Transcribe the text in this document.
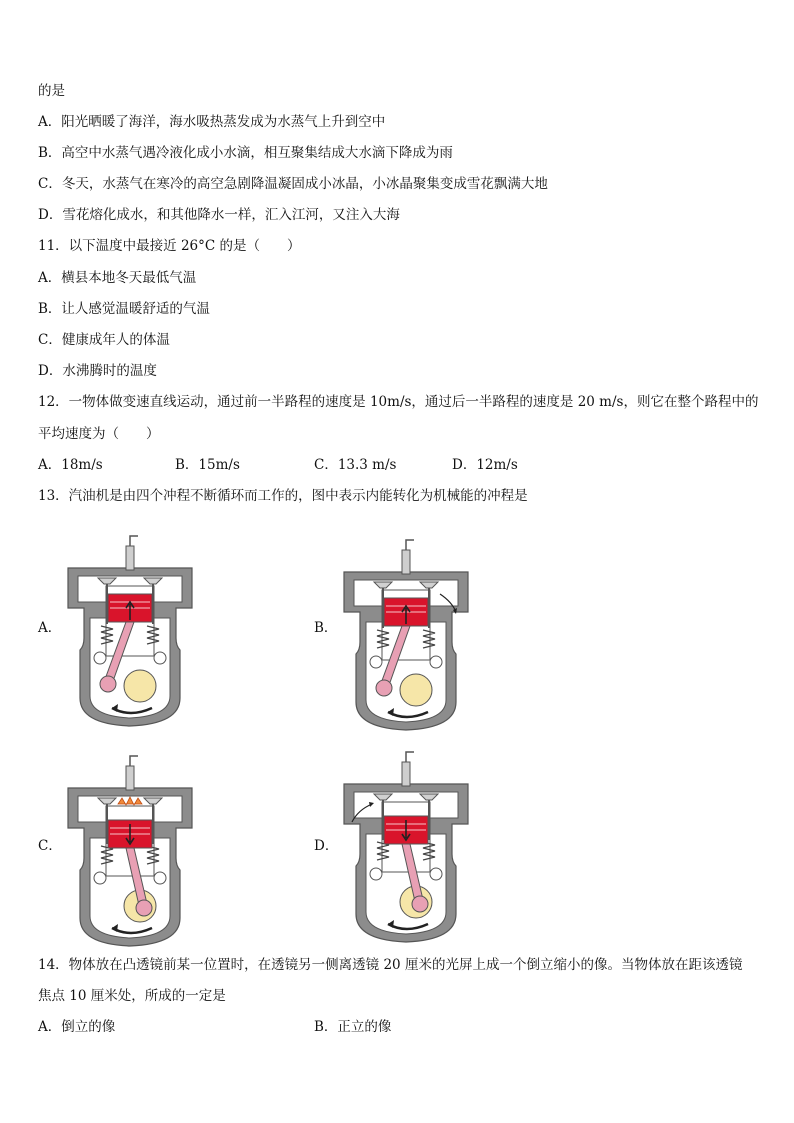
的是
A．阳光晒暖了海洋，海水吸热蒸发成为水蒸气上升到空中
B．高空中水蒸气遇冷液化成小水滴，相互聚集结成大水滴下降成为雨
C．冬天，水蒸气在寒冷的高空急剧降温凝固成小冰晶，小冰晶聚集变成雪花飘满大地
D．雪花熔化成水，和其他降水一样，汇入江河，又注入大海
11．以下温度中最接近 26°C 的是（　　）
A．横县本地冬天最低气温
B．让人感觉温暖舒适的气温
C．健康成年人的体温
D．水沸腾时的温度
12．一物体做变速直线运动，通过前一半路程的速度是 10m/s，通过后一半路程的速度是 20 m/s，则它在整个路程中的
平均速度为（　　）
A．18m/s	B．15m/s	C．13.3 m/s	D．12m/s
13．汽油机是由四个冲程不断循环而工作的，图中表示内能转化为机械能的冲程是
A．	B．
C．	D．
14．物体放在凸透镜前某一位置时，在透镜另一侧离透镜 20 厘米的光屏上成一个倒立缩小的像。当物体放在距该透镜
焦点 10 厘米处，所成的一定是
A．倒立的像	B．正立的像
